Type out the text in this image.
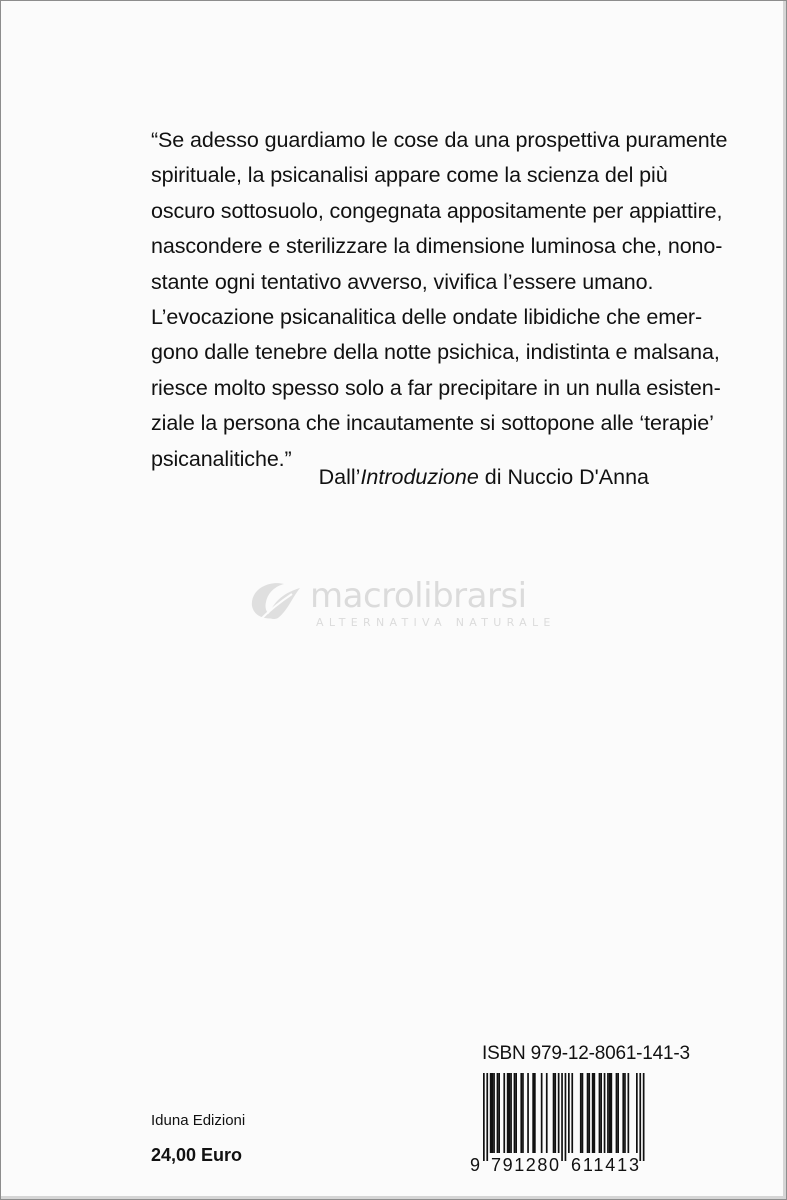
“Se adesso guardiamo le cose da una prospettiva puramente
spirituale, la psicanalisi appare come la scienza del più
oscuro sottosuolo, congegnata appositamente per appiattire,
nascondere e sterilizzare la dimensione luminosa che, nono-
stante ogni tentativo avverso, vivifica l’essere umano.
L’evocazione psicanalitica delle ondate libidiche che emer-
gono dalle tenebre della notte psichica, indistinta e malsana,
riesce molto spesso solo a far precipitare in un nulla esisten-
ziale la persona che incautamente si sottopone alle ‘terapie’
psicanalitiche.”
Dall’Introduzione di Nuccio D'Anna
macrolibrarsi
ALTERNATIVA NATURALE
Iduna Edizioni
24,00 Euro
ISBN 979-12-8061-141-3
9 791280 611413
